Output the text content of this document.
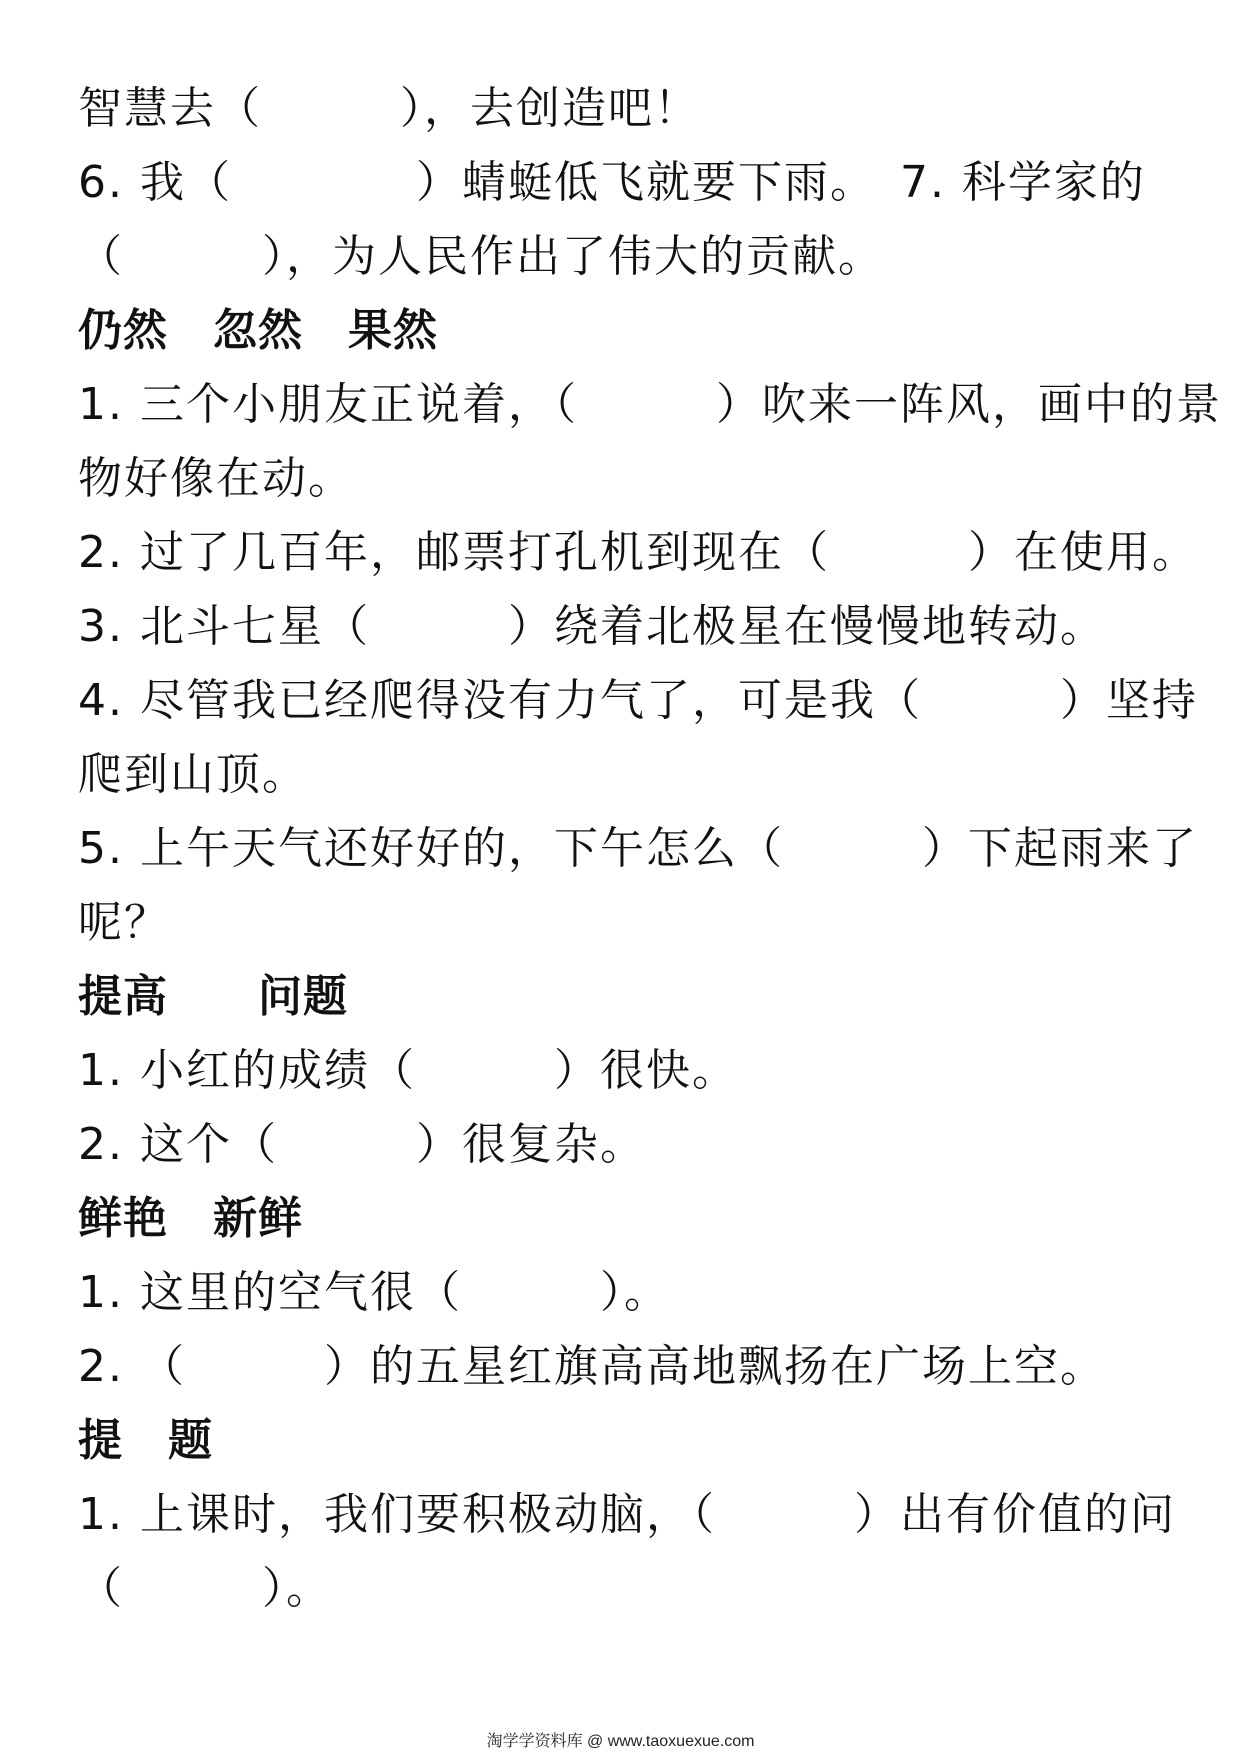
智慧去（　　　），去创造吧！
6. 我（　　　　）蜻蜓低飞就要下雨。　7. 科学家的
（　　　），为人民作出了伟大的贡献。
仍然　忽然　果然
1. 三个小朋友正说着，（　　　）吹来一阵风，画中的景
物好像在动。
2. 过了几百年，邮票打孔机到现在（　　　）在使用。
3. 北斗七星（　　　）绕着北极星在慢慢地转动。
4. 尽管我已经爬得没有力气了，可是我（　　　）坚持
爬到山顶。
5. 上午天气还好好的，下午怎么（　　　）下起雨来了
呢？
提高　　问题
1. 小红的成绩（　　　）很快。
2. 这个（　　　）很复杂。
鲜艳　新鲜
1. 这里的空气很（　　　）。
2. （　　　）的五星红旗高高地飘扬在广场上空。
提　题
1. 上课时，我们要积极动脑，（　　　）出有价值的问
（　　　）。
淘学学资料库 @ www.taoxuexue.com
